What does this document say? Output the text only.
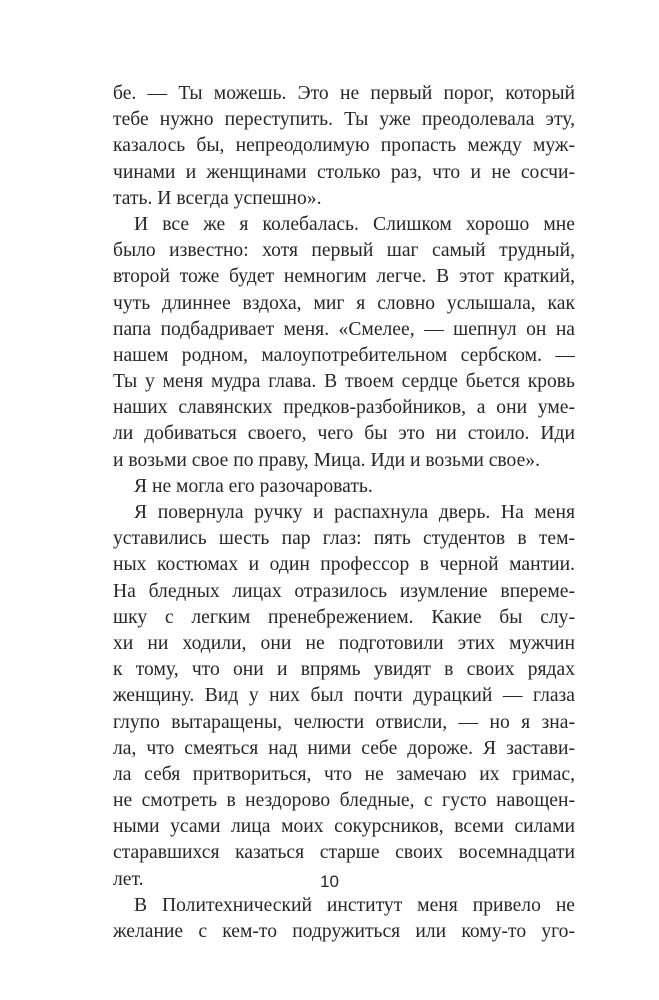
бе. — Ты можешь. Это не первый порог, который
тебе нужно переступить. Ты уже преодолевала эту,
казалось бы, непреодолимую пропасть между муж-
чинами и женщинами столько раз, что и не сосчи-
тать. И всегда успешно».
И все же я колебалась. Слишком хорошо мне
было известно: хотя первый шаг самый трудный,
второй тоже будет немногим легче. В этот краткий,
чуть длиннее вздоха, миг я словно услышала, как
папа подбадривает меня. «Смелее, — шепнул он на
нашем родном, малоупотребительном сербском. —
Ты у меня мудра глава. В твоем сердце бьется кровь
наших славянских предков-разбойников, а они уме-
ли добиваться своего, чего бы это ни стоило. Иди
и возьми свое по праву, Мица. Иди и возьми свое».
Я не могла его разочаровать.
Я повернула ручку и распахнула дверь. На меня
уставились шесть пар глаз: пять студентов в тем-
ных костюмах и один профессор в черной мантии.
На бледных лицах отразилось изумление впереме-
шку с легким пренебрежением. Какие бы слу-
хи ни ходили, они не подготовили этих мужчин
к тому, что они и впрямь увидят в своих рядах
женщину. Вид у них был почти дурацкий — глаза
глупо вытаращены, челюсти отвисли, — но я зна-
ла, что смеяться над ними себе дороже. Я застави-
ла себя притвориться, что не замечаю их гримас,
не смотреть в нездорово бледные, с густо навощен-
ными усами лица моих сокурсников, всеми силами
старавшихся казаться старше своих восемнадцати
лет.
В Политехнический институт меня привело не
желание с кем-то подружиться или кому-то уго-
10
